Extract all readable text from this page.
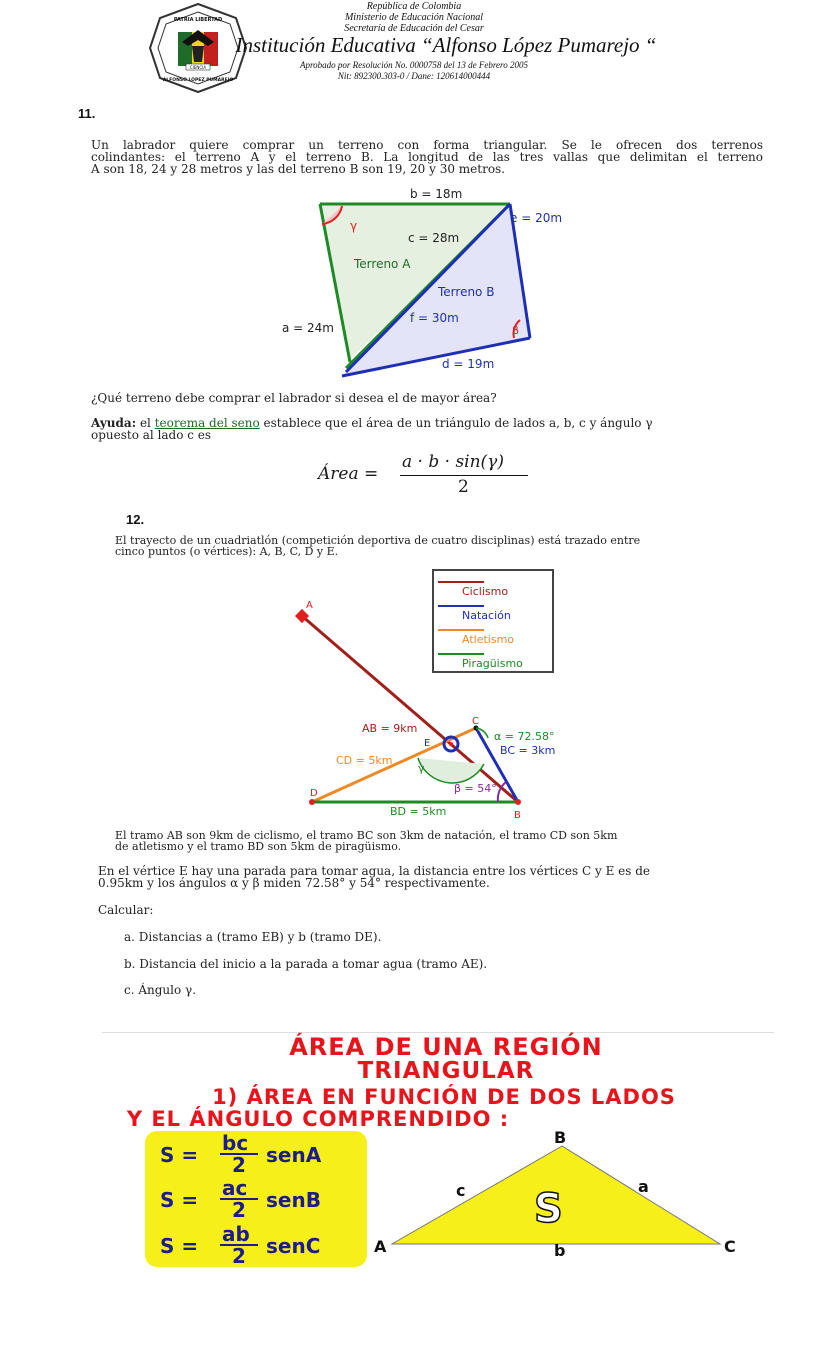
CIENCIA
PATRIA LIBERTAD
ALFONSO LÓPEZ PUMAREJO
República de Colombia
Ministerio de Educación Nacional
Secretaría de Educación del Cesar
Institución Educativa “Alfonso López Pumarejo “
Aprobado por Resolución No. 0000758 del 13 de Febrero 2005
Nit: 892300.303-0 / Dane: 120614000444
11.
Un labrador quiere comprar un terreno con forma triangular. Se le ofrecen dos terrenos
colindantes: el terreno A y el terreno B. La longitud de las tres vallas que delimitan el terreno
A son 18, 24 y 28 metros y las del terreno B son 19, 20 y 30 metros.
b = 18m
e = 20m
c = 28m
Terreno A
Terreno B
f = 30m
a = 24m
d = 19m
γ
β
¿Qué terreno debe comprar el labrador si desea el de mayor área?
Ayuda: el teorema del seno establece que el área de un triángulo de lados a, b, c y ángulo γ
opuesto al lado c es
Área =
a · b · sin(γ)
2
12.
El trayecto de un cuadriatlón (competición deportiva de cuatro disciplinas) está trazado entre
cinco puntos (o vértices): A, B, C, D y E.
Ciclismo
Natación
Atletismo
Piragüismo
A
B
C
D
E
AB = 9km
CD = 5km
α = 72.58°
BC = 3km
γ
β = 54°
BD = 5km
El tramo AB son 9km de ciclismo, el tramo BC son 3km de natación, el tramo CD son 5km
de atletismo y el tramo BD son 5km de piragüismo.
En el vértice E hay una parada para tomar agua, la distancia entre los vértices C y E es de
0.95km y los ángulos α y β miden 72.58° y 54° respectivamente.
Calcular:
a. Distancias a (tramo EB) y b (tramo DE).
b. Distancia del inicio a la parada a tomar agua (tramo AE).
c. Ángulo γ.
ÁREA DE UNA REGIÓN
TRIANGULAR
1) ÁREA EN FUNCIÓN DE DOS LADOS
Y EL ÁNGULO COMPRENDIDO :
S = bc
2 senA
S = ac
2 senB
S = ab
2 senC
B
c	a
S
A	b	C
